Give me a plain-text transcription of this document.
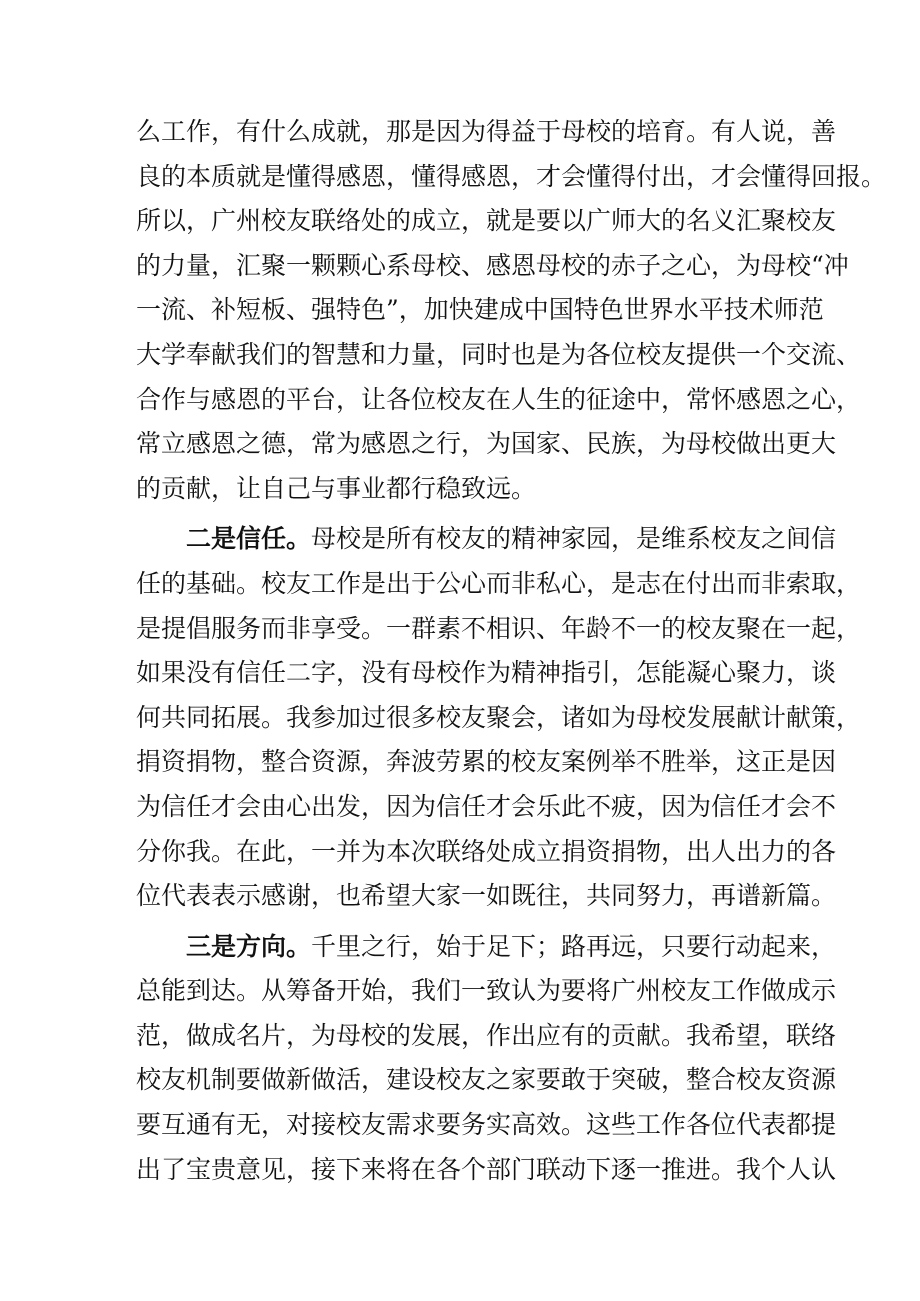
么工作，有什么成就，那是因为得益于母校的培育。有人说，善
良的本质就是懂得感恩，懂得感恩，才会懂得付出，才会懂得回报。
所以，广州校友联络处的成立，就是要以广师大的名义汇聚校友
的力量，汇聚一颗颗心系母校、感恩母校的赤子之心，为母校“冲
一流、补短板、强特色”，加快建成中国特色世界水平技术师范
大学奉献我们的智慧和力量，同时也是为各位校友提供一个交流、
合作与感恩的平台，让各位校友在人生的征途中，常怀感恩之心，
常立感恩之德，常为感恩之行，为国家、民族，为母校做出更大
的贡献，让自己与事业都行稳致远。
二是信任。母校是所有校友的精神家园，是维系校友之间信
任的基础。校友工作是出于公心而非私心，是志在付出而非索取，
是提倡服务而非享受。一群素不相识、年龄不一的校友聚在一起，
如果没有信任二字，没有母校作为精神指引，怎能凝心聚力，谈
何共同拓展。我参加过很多校友聚会，诸如为母校发展献计献策，
捐资捐物，整合资源，奔波劳累的校友案例举不胜举，这正是因
为信任才会由心出发，因为信任才会乐此不疲，因为信任才会不
分你我。在此，一并为本次联络处成立捐资捐物，出人出力的各
位代表表示感谢，也希望大家一如既往，共同努力，再谱新篇。
三是方向。千里之行，始于足下；路再远，只要行动起来，
总能到达。从筹备开始，我们一致认为要将广州校友工作做成示
范，做成名片，为母校的发展，作出应有的贡献。我希望，联络
校友机制要做新做活，建设校友之家要敢于突破，整合校友资源
要互通有无，对接校友需求要务实高效。这些工作各位代表都提
出了宝贵意见，接下来将在各个部门联动下逐一推进。我个人认
